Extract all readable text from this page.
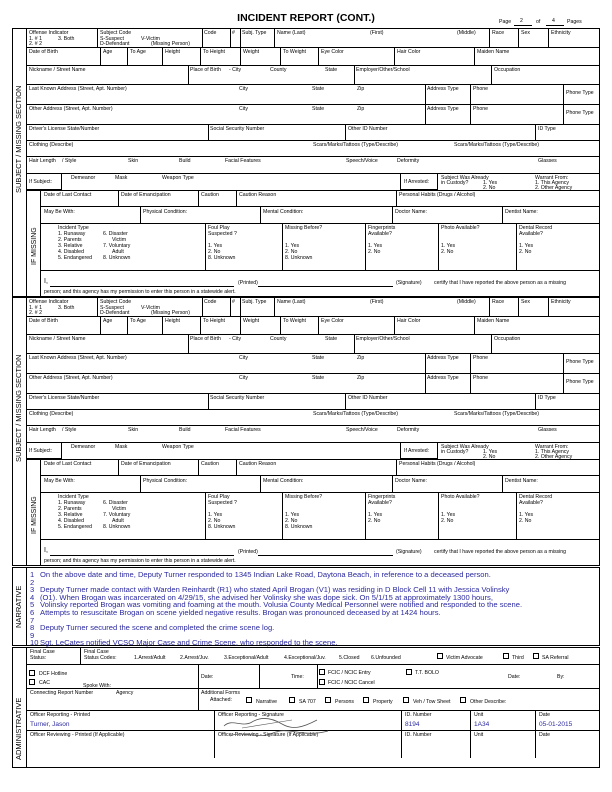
INCIDENT REPORT (CONT.)	Page 2	of 4 Pages
SUBJECT / MISSING SECTION
IF MISSING
Offense Indicator
1. # 1	3. Both
2. # 2
Subject Code
S-Suspect	V-Victim
D-Defendant	(Missing Person)
Code	# Subj. Type Name (Last)	(First)	(Middle)	Race	Sex	Ethnicity
Date of Birth	Age	To Age	Height	To Height	Weight	To Weight	Eye Color	Hair Color	Maiden Name
Nickname / Street Name	Place of Birth - City	County	State	Employer/Other/School	Occupation
Last Known Address (Street, Apt. Number)	City	State	Zip	Address Type	Phone
Phone Type
Other Address (Street, Apt. Number)	City	State	Zip	Address Type	Phone
Phone Type
Driver's License State/Number	Social Security Number	Other ID Number	ID Type
Clothing (Describe)	Scars/Marks/Tattoos (Type/Describe)	Scars/Marks/Tattoos (Type/Describe)
Hair Length / Style	Skin	Build	Facial Features	Speech/Voice	Deformity	Glasses
If Subject:
Demeanor	Mask	Weapon Type
If Arrested:
Subject Was Already
in Custody?	1. Yes
2. No
Warrant From:
1. This Agency
2. Other Agency
Date of Last Contact	Date of Emancipation	Caution	Caution Reason	Personal Habits (Drugs / Alcohol)
May Be With:	Physical Condition:	Mental Condition:	Doctor Name:	Dentist Name:
Incident Type
1. Runaway
2. Parents
3. Relative
4. Disabled
5. Endangered
6. Disaster
Victim
7. Voluntary
Adult
8. Unknown
Foul Play
Suspected ?
1. Yes
2. No
8. Unknown
Missing Before?
1. Yes
2. No
8. Unknown
Fingerprints
Available?
1. Yes
2. No
Photo Available?
1. Yes
2. No
Dental Record
Available?
1. Yes
2. No
I,	(Printed)	(Signature) certify that I have reported the above person as a missing
person; and this agency has my permission to enter this person in a statewide alert.
SUBJECT / MISSING SECTION
IF MISSING
Offense Indicator
1. # 1	3. Both
2. # 2
Subject Code
S-Suspect	V-Victim
D-Defendant	(Missing Person)
Code	# Subj. Type Name (Last)	(First)	(Middle)	Race	Sex	Ethnicity
Date of Birth	Age	To Age	Height	To Height	Weight	To Weight	Eye Color	Hair Color	Maiden Name
Nickname / Street Name	Place of Birth - City	County	State	Employer/Other/School	Occupation
Last Known Address (Street, Apt. Number)	City	State	Zip	Address Type	Phone
Phone Type
Other Address (Street, Apt. Number)	City	State	Zip	Address Type	Phone
Phone Type
Driver's License State/Number	Social Security Number	Other ID Number	ID Type
Clothing (Describe)	Scars/Marks/Tattoos (Type/Describe)	Scars/Marks/Tattoos (Type/Describe)
Hair Length / Style	Skin	Build	Facial Features	Speech/Voice	Deformity	Glasses
If Subject:
Demeanor	Mask	Weapon Type
If Arrested:
Subject Was Already
in Custody?	1. Yes
2. No
Warrant From:
1. This Agency
2. Other Agency
Date of Last Contact	Date of Emancipation	Caution	Caution Reason	Personal Habits (Drugs / Alcohol)
May Be With:	Physical Condition:	Mental Condition:	Doctor Name:	Dentist Name:
Incident Type
1. Runaway
2. Parents
3. Relative
4. Disabled
5. Endangered
6. Disaster
Victim
7. Voluntary
Adult
8. Unknown
Foul Play
Suspected ?
1. Yes
2. No
8. Unknown
Missing Before?
1. Yes
2. No
8. Unknown
Fingerprints
Available?
1. Yes
2. No
Photo Available?
1. Yes
2. No
Dental Record
Available?
1. Yes
2. No
I,	(Printed)	(Signature) certify that I have reported the above person as a missing
person; and this agency has my permission to enter this person in a statewide alert.
NARRATIVE
1 On the above date and time, Deputy Turner responded to 1345 Indian Lake Road, Daytona Beach, in reference to a deceased person.
2
3 Deputy Turner made contact with Warden Reinhardt (R1) who stated April Brogan (V1) was residing in D Block Cell 11 with Jessica Volinsky
4 (O1). When Brogan was incarcerated on 4/29/15, she advised her Volinsky she was dope sick. On 5/1/15 at approximately 1300 hours,
5 Volinsky reported Brogan was vomiting and foaming at the mouth. Volusia County Medical Personnel were notified and responded to the scene.
6 Attempts to resuscitate Brogan on scene yielded negative results. Brogan was pronounced deceased by at 1424 hours.
7
8 Deputy Turner secured the scene and completed the crime scene log.
9
10 Sgt. LeCates notified VCSO Major Case and Crime Scene, who responded to the scene.
ADMINISTRATIVE
Final Case
Status:
Final Case
Status Codes:	1.Arrest/Adult	2.Arrest/Juv.	3.Exceptional/Adult	4.Exceptional/Juv.	5.Closed 6.Unfounded	Victim Advocate	Third	SA Referral
DCF Hotline
CAC	Spoke With:
Date:	Time:
FCIC / NCIC Entry
FCIC / NCIC Cancel
T.T. BOLO
Date:	By:
Connecting Report Number	Agency	Additional Forms
Attached:	Narrative	SA 707	Persons	Property	Veh / Tow Sheet	Other Describe:
Officer Reporting - Printed
Turner, Jason
Officer Reporting - Signature	ID. Number
8194
Unit
1A34
Date
05-01-2015
Officer Reviewing - Printed (If Applicable)	Officer Reviewing - Signature (If Applicable)	ID. Number	Unit	Date
